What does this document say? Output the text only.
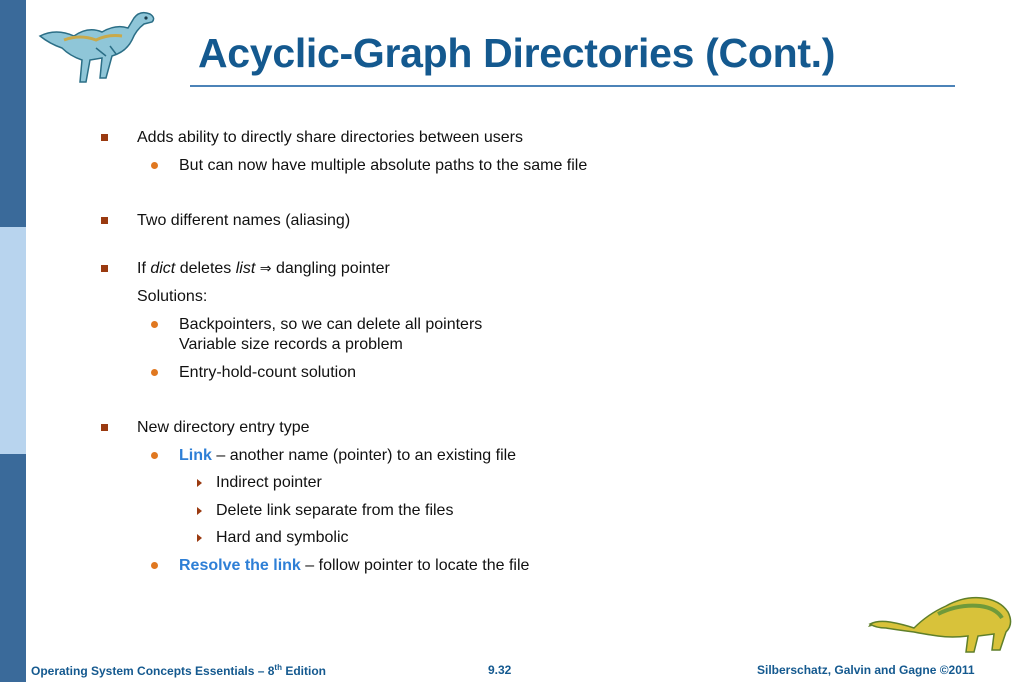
Acyclic-Graph Directories (Cont.)
Adds ability to directly share directories between users
But can now have multiple absolute paths to the same file
Two different names (aliasing)
If dict deletes list ⇒ dangling pointer
Solutions:
Backpointers, so we can delete all pointers
Variable size records a problem
Entry-hold-count solution
New directory entry type
Link – another name (pointer) to an existing file
Indirect pointer
Delete link separate from the files
Hard and symbolic
Resolve the link – follow pointer to locate the file
Operating System Concepts Essentials – 8th Edition	9.32	Silberschatz, Galvin and Gagne ©2011
